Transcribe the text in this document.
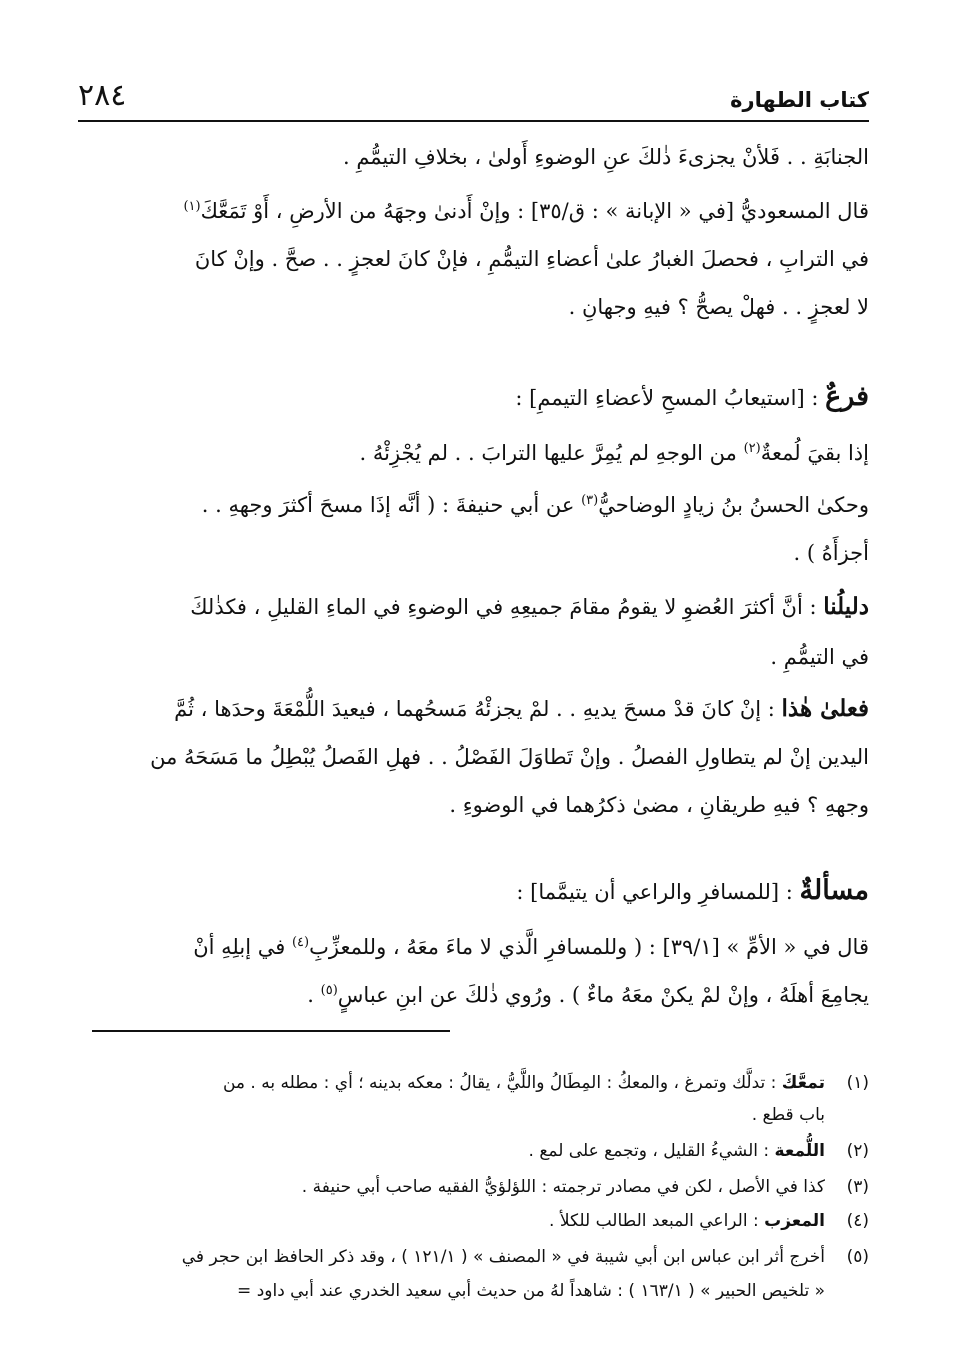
كتاب الطهارة
٢٨٤
الجنابَةِ . . فَلأنْ يجزىءَ ذٰلكَ عنِ الوضوءِ أَولىٰ ، بخلافِ التيمُّمِ .
قال المسعوديُّ [في « الإبانة » : ق/٣٥] : وإنْ أَدنىٰ وجهَهُ من الأرضِ ، أَوْ تَمَعَّكَ$^{(١)}$
في الترابِ ، فحصلَ الغبارُ علىٰ أعضاءِ التيمُّمِ ، فإنْ كانَ لعجزٍ . . صحَّ . وإنْ كانَ
لا لعجزٍ . . فهلْ يصحُّ ؟ فيهِ وجهانِ .
فرعٌ : [استيعابُ المسحِ لأعضاءِ التيممِ] :
إذا بقيَ لُمعةٌ$^{(٢)}$ من الوجهِ لم يُمِرَّ عليها الترابَ . . لم يُجْزِئْهُ .
وحكىٰ الحسنُ بنُ زيادٍ الوضاحيُّ$^{(٣)}$ عن أبي حنيفةَ : ( أنَّه إذَا مسحَ أكثرَ وجههِ . .
أجزأَهُ ) .
دليلُنا : أنَّ أكثرَ العُضوِ لا يقومُ مقامَ جميعِهِ في الوضوءِ في الماءِ القليلِ ، فكذٰلكَ
في التيمُّمِ .
فعلىٰ هٰذا : إنْ كانَ قدْ مسحَ يديهِ . . لمْ يجزئْهُ مَسحُهما ، فيعيدَ اللُّمْعَةَ وحدَها ، ثُمَّ
اليدين إنْ لم يتطاولِ الفصلُ . وإنْ تَطاوَلَ الفَصْلُ . . فهلِ الفَصلُ يُبْطِلُ ما مَسَحَهُ من
وجههِ ؟ فيهِ طريقانِ ، مضىٰ ذكرُهما في الوضوءِ .
مسألةٌ : [للمسافرِ والراعي أن يتيمَّما] :
قال في « الأمِّ » [٣٩/١] : ( وللمسافرِ الَّذي لا ماءَ معَهُ ، وللمعزِّبِ$^{(٤)}$ في إبلِهِ أنْ
يجامِعَ أهلَهُ ، وإنْ لمْ يكنْ معَهُ ماءٌ ) . ورُوي ذٰلكَ عن ابنِ عباسٍ$^{(٥)}$ .
(١)تمعَّكَ : تدلَّك وتمرغ ، والمعكُ : المِطَالُ واللَّيُّ ، يقالُ : معكه بدينه ؛ أي : مطله به . من
باب قطع .
(٢)اللُّمعة : الشيءُ القليل ، وتجمع على لمع .
(٣)كذا في الأصل ، لكن في مصادر ترجمته : اللؤلؤيُّ الفقيه صاحب أبي حنيفة .
(٤)المعزب : الراعي المبعد الطالب للكلأ .
(٥)أخرج أثر ابن عباس ابن أبي شيبة في « المصنف » ( ١٢١/١ ) ، وقد ذكر الحافظ ابن حجر في
« تلخيص الحبير » ( ١٦٣/١ ) : شاهداً لهُ من حديث أبي سعيد الخدري عند أبي داود =
